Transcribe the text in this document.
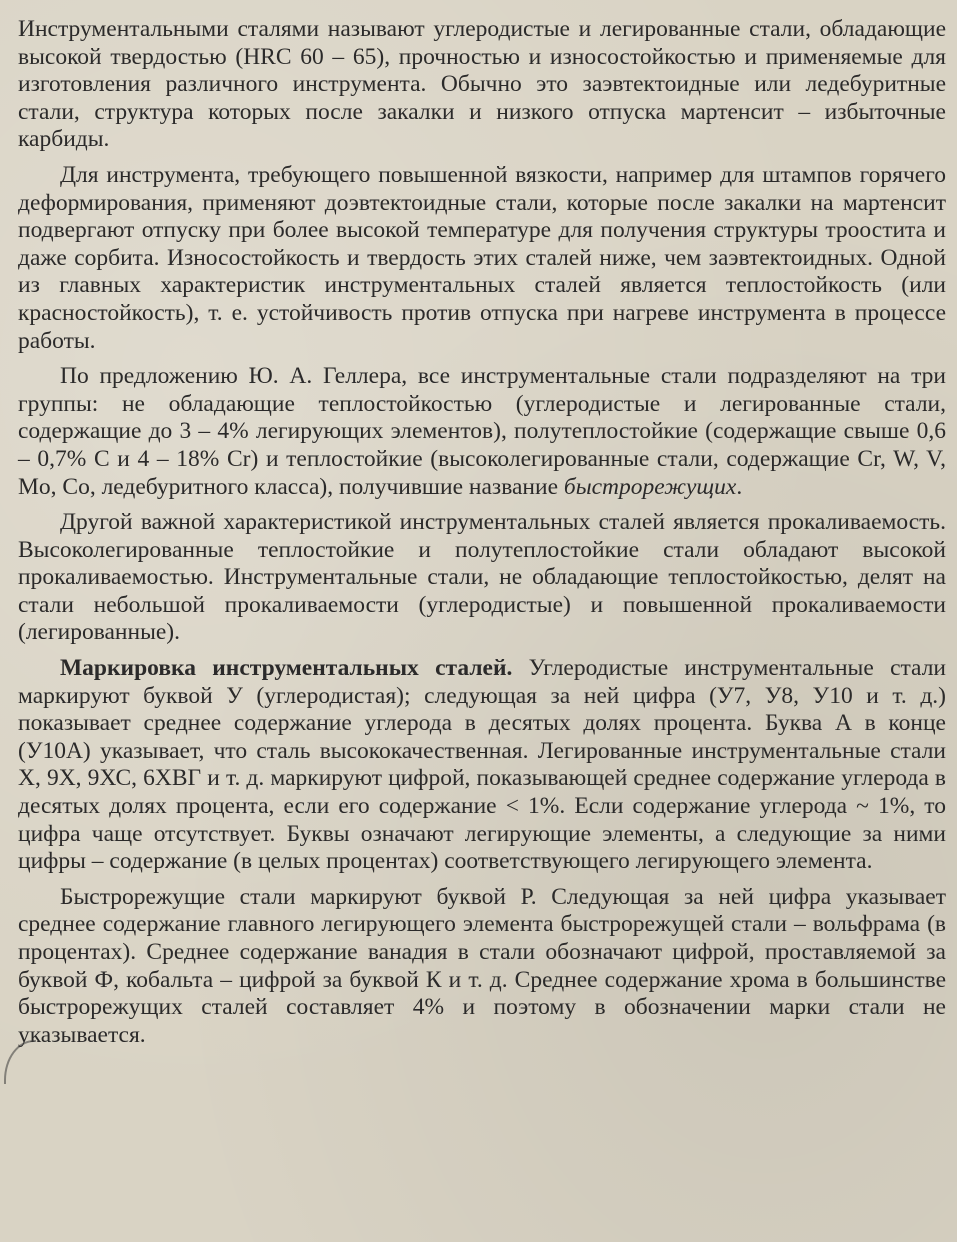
Инструментальными сталями называют углеродистые и легированные стали, обладающие высокой твердостью (HRC 60 – 65), прочностью и износостойкостью и применяемые для изготовления различного инструмента. Обычно это заэвтектоидные или ледебуритные стали, структура которых после закалки и низкого отпуска мартенсит – избыточные карбиды.

Для инструмента, требующего повышенной вязкости, например для штампов горячего деформирования, применяют доэвтектоидные стали, которые после закалки на мартенсит подвергают отпуску при более высокой температуре для получения структуры троостита и даже сорбита. Износостойкость и твердость этих сталей ниже, чем заэвтектоидных. Одной из главных характеристик инструментальных сталей является теплостойкость (или красностойкость), т. е. устойчивость против отпуска при нагреве инструмента в процессе работы.

По предложению Ю. А. Геллера, все инструментальные стали подразделяют на три группы: не обладающие теплостойкостью (углеродистые и легированные стали, содержащие до 3 – 4% легирующих элементов), полутеплостойкие (содержащие свыше 0,6 – 0,7% С и 4 – 18% Cr) и теплостойкие (высоколегированные стали, содержащие Cr, W, V, Mo, Co, ледебуритного класса), получившие название быстрорежущих.

Другой важной характеристикой инструментальных сталей является прокаливаемость. Высоколегированные теплостойкие и полутеплостойкие стали обладают высокой прокаливаемостью. Инструментальные стали, не обладающие теплостойкостью, делят на стали небольшой прокаливаемости (углеродистые) и повышенной прокаливаемости (легированные).

Маркировка инструментальных сталей. Углеродистые инструментальные стали маркируют буквой У (углеродистая); следующая за ней цифра (У7, У8, У10 и т. д.) показывает среднее содержание углерода в десятых долях процента. Буква А в конце (У10А) указывает, что сталь высококачественная. Легированные инструментальные стали Х, 9Х, 9ХС, 6ХВГ и т. д. маркируют цифрой, показывающей среднее содержание углерода в десятых долях процента, если его содержание < 1%. Если содержание углерода ~ 1%, то цифра чаще отсутствует. Буквы означают легирующие элементы, а следующие за ними цифры – содержание (в целых процентах) соответствующего легирующего элемента.

Быстрорежущие стали маркируют буквой Р. Следующая за ней цифра указывает среднее содержание главного легирующего элемента быстрорежущей стали – вольфрама (в процентах). Среднее содержание ванадия в стали обозначают цифрой, проставляемой за буквой Ф, кобальта – цифрой за буквой К и т. д. Среднее содержание хрома в большинстве быстрорежущих сталей составляет 4% и поэтому в обозначении марки стали не указывается.
